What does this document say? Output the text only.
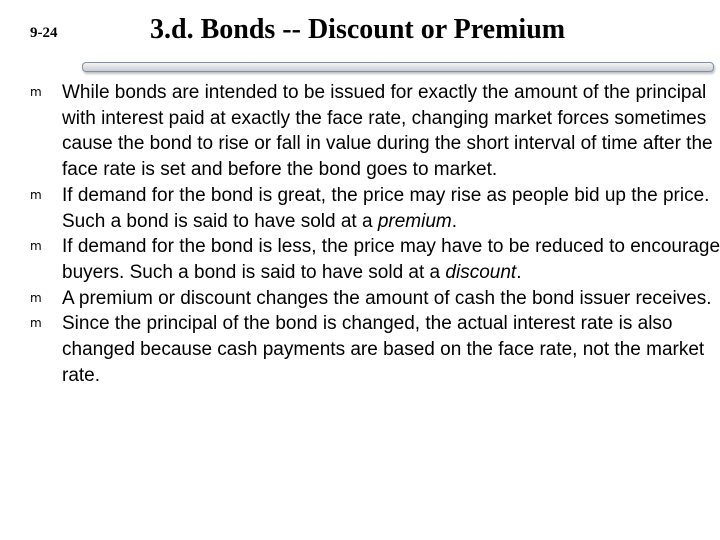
9-24	3.d. Bonds -- Discount or Premium
m While bonds are intended to be issued for exactly the amount of the principal with interest paid at exactly the face rate, changing market forces sometimes cause the bond to rise or fall in value during the short interval of time after the face rate is set and before the bond goes to market.
m If demand for the bond is great, the price may rise as people bid up the price. Such a bond is said to have sold at a premium.
m If demand for the bond is less, the price may have to be reduced to encourage buyers. Such a bond is said to have sold at a discount.
m A premium or discount changes the amount of cash the bond issuer receives.
m Since the principal of the bond is changed, the actual interest rate is also changed because cash payments are based on the face rate, not the market rate.
